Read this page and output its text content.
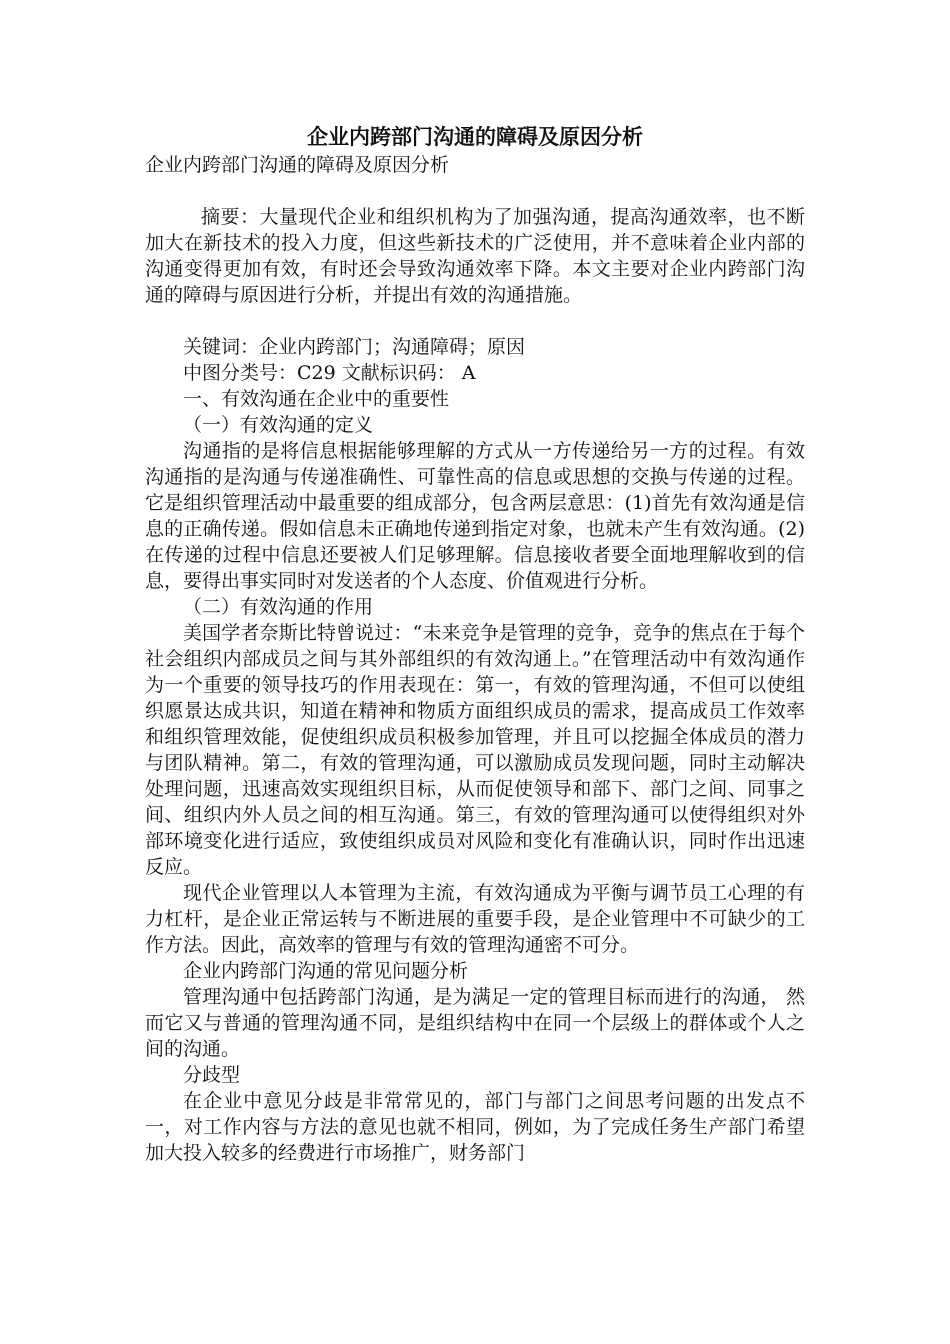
企业内跨部门沟通的障碍及原因分析

企业内跨部门沟通的障碍及原因分析

摘要：大量现代企业和组织机构为了加强沟通，提高沟通效率，也不断加大在新技术的投入力度，但这些新技术的广泛使用，并不意味着企业内部的沟通变得更加有效，有时还会导致沟通效率下降。本文主要对企业内跨部门沟通的障碍与原因进行分析，并提出有效的沟通措施。

关键词：企业内跨部门；沟通障碍；原因

中图分类号：C29 文献标识码： A

一、有效沟通在企业中的重要性

（一）有效沟通的定义

沟通指的是将信息根据能够理解的方式从一方传递给另一方的过程。有效沟通指的是沟通与传递准确性、可靠性高的信息或思想的交换与传递的过程。它是组织管理活动中最重要的组成部分，包含两层意思：(1)首先有效沟通是信息的正确传递。假如信息未正确地传递到指定对象，也就未产生有效沟通。(2)在传递的过程中信息还要被人们足够理解。信息接收者要全面地理解收到的信息，要得出事实同时对发送者的个人态度、价值观进行分析。

（二）有效沟通的作用

美国学者奈斯比特曾说过：“未来竞争是管理的竞争，竞争的焦点在于每个社会组织内部成员之间与其外部组织的有效沟通上。”在管理活动中有效沟通作为一个重要的领导技巧的作用表现在：第一，有效的管理沟通，不但可以使组织愿景达成共识，知道在精神和物质方面组织成员的需求，提高成员工作效率和组织管理效能，促使组织成员积极参加管理，并且可以挖掘全体成员的潜力与团队精神。第二，有效的管理沟通，可以激励成员发现问题，同时主动解决处理问题，迅速高效实现组织目标，从而促使领导和部下、部门之间、同事之间、组织内外人员之间的相互沟通。第三，有效的管理沟通可以使得组织对外部环境变化进行适应，致使组织成员对风险和变化有准确认识，同时作出迅速反应。

现代企业管理以人本管理为主流，有效沟通成为平衡与调节员工心理的有力杠杆，是企业正常运转与不断进展的重要手段，是企业管理中不可缺少的工作方法。因此，高效率的管理与有效的管理沟通密不可分。

企业内跨部门沟通的常见问题分析

管理沟通中包括跨部门沟通，是为满足一定的管理目标而进行的沟通， 然而它又与普通的管理沟通不同，是组织结构中在同一个层级上的群体或个人之间的沟通。

分歧型

在企业中意见分歧是非常常见的，部门与部门之间思考问题的出发点不一，对工作内容与方法的意见也就不相同，例如，为了完成任务生产部门希望加大投入较多的经费进行市场推广，财务部门
